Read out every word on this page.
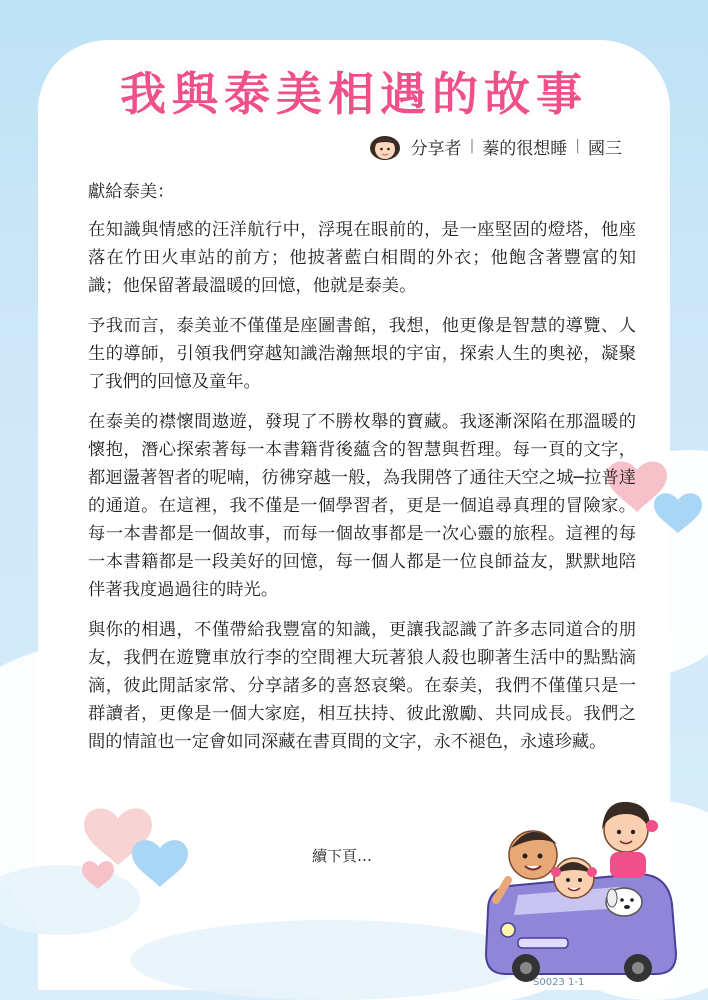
我與泰美相遇的故事
分享者 | 蓁的很想睡 | 國三

獻給泰美：

在知識與情感的汪洋航行中，浮現在眼前的，是一座堅固的燈塔，他座落在竹田火車站的前方；他披著藍白相間的外衣；他飽含著豐富的知識；他保留著最溫暖的回憶，他就是泰美。

予我而言，泰美並不僅僅是座圖書館，我想，他更像是智慧的導覽、人生的導師，引領我們穿越知識浩瀚無垠的宇宙，探索人生的奧祕，凝聚了我們的回憶及童年。

在泰美的襟懷間遨遊，發現了不勝枚舉的寶藏。我逐漸深陷在那溫暖的懷抱，潛心探索著每一本書籍背後蘊含的智慧與哲理。每一頁的文字，都迴盪著智者的呢喃，彷彿穿越一般，為我開啓了通往天空之城─拉普達的通道。在這裡，我不僅是一個學習者，更是一個追尋真理的冒險家。每一本書都是一個故事，而每一個故事都是一次心靈的旅程。這裡的每一本書籍都是一段美好的回憶，每一個人都是一位良師益友，默默地陪伴著我度過過往的時光。

與你的相遇，不僅帶給我豐富的知識，更讓我認識了許多志同道合的朋友，我們在遊覽車放行李的空間裡大玩著狼人殺也聊著生活中的點點滴滴，彼此閒話家常、分享諸多的喜怒哀樂。在泰美，我們不僅僅只是一群讀者，更像是一個大家庭，相互扶持、彼此激勵、共同成長。我們之間的情誼也一定會如同深藏在書頁間的文字，永不褪色，永遠珍藏。

續下頁…
S0023 1-1
